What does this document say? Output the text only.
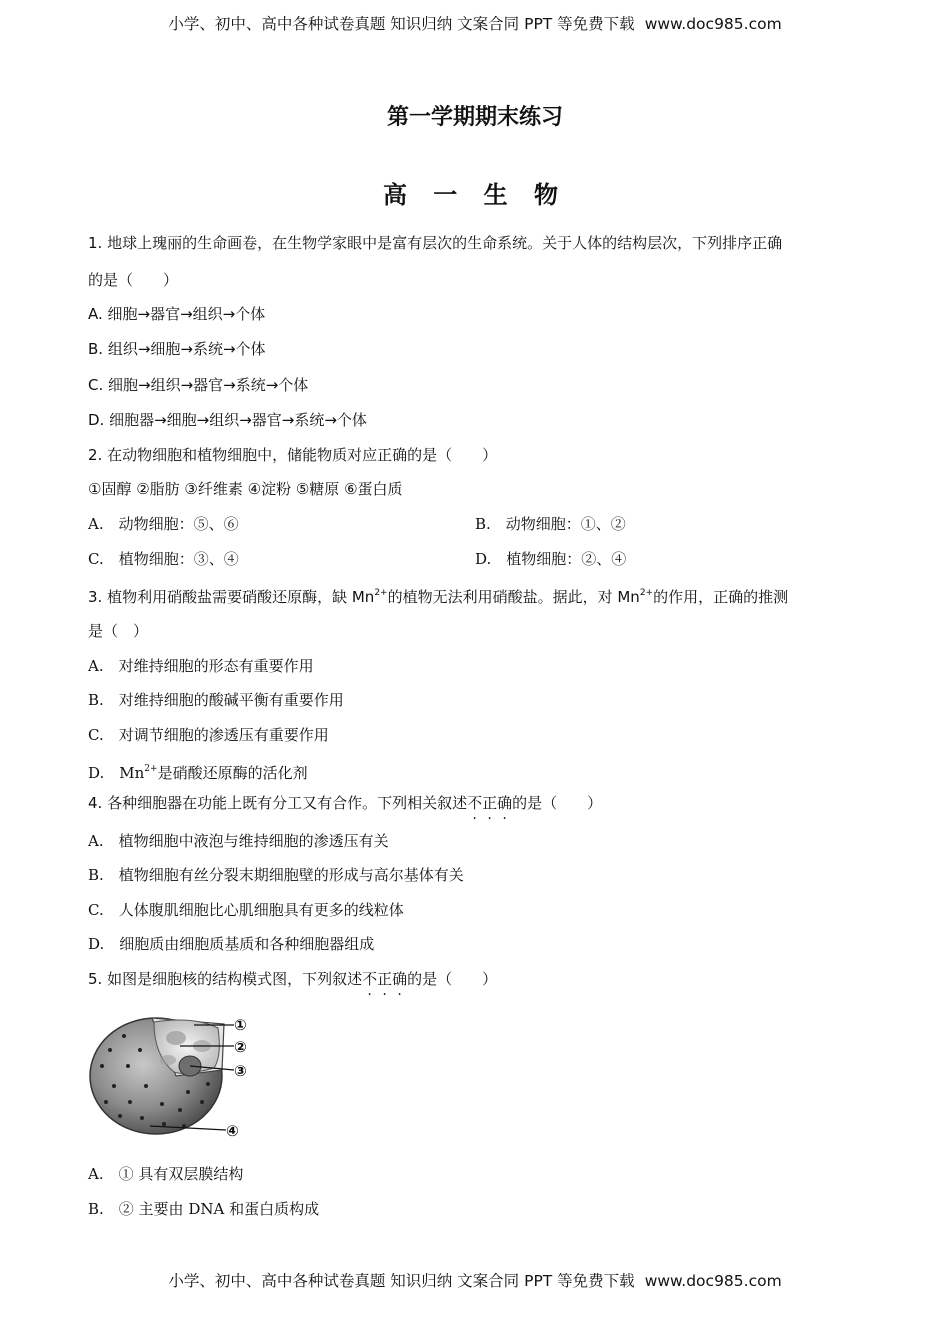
小学、初中、高中各种试卷真题 知识归纳 文案合同 PPT 等免费下载 www.doc985.com
第一学期期末练习
高 一 生 物
1. 地球上瑰丽的生命画卷，在生物学家眼中是富有层次的生命系统。关于人体的结构层次，下列排序正确
的是（　　）
A. 细胞→器官→组织→个体
B. 组织→细胞→系统→个体
C. 细胞→组织→器官→系统→个体
D. 细胞器→细胞→组织→器官→系统→个体
2. 在动物细胞和植物细胞中，储能物质对应正确的是（　　）
①固醇 ②脂肪 ③纤维素 ④淀粉 ⑤糖原 ⑥蛋白质
A.　动物细胞：⑤、⑥	B.　动物细胞：①、②
C.　植物细胞：③、④	D.　植物细胞：②、④
3. 植物利用硝酸盐需要硝酸还原酶，缺 $Mn^{2+}$的植物无法利用硝酸盐。据此，对 $Mn^{2+}$的作用，正确的推测
是（　）
A.　对维持细胞的形态有重要作用
B.　对维持细胞的酸碱平衡有重要作用
C.　对调节细胞的渗透压有重要作用
D.　$Mn^{2+}$是硝酸还原酶的活化剂
4. 各种细胞器在功能上既有分工又有合作。下列相关叙述不正确的是（　　）
A.　植物细胞中液泡与维持细胞的渗透压有关
B.　植物细胞有丝分裂末期细胞壁的形成与高尔基体有关
C.　人体腹肌细胞比心肌细胞具有更多的线粒体
D.　细胞质由细胞质基质和各种细胞器组成
5. 如图是细胞核的结构模式图，下列叙述不正确的是（　　）
①
②
③
④
A.　① 具有双层膜结构
B.　② 主要由 DNA 和蛋白质构成
小学、初中、高中各种试卷真题 知识归纳 文案合同 PPT 等免费下载 www.doc985.com
